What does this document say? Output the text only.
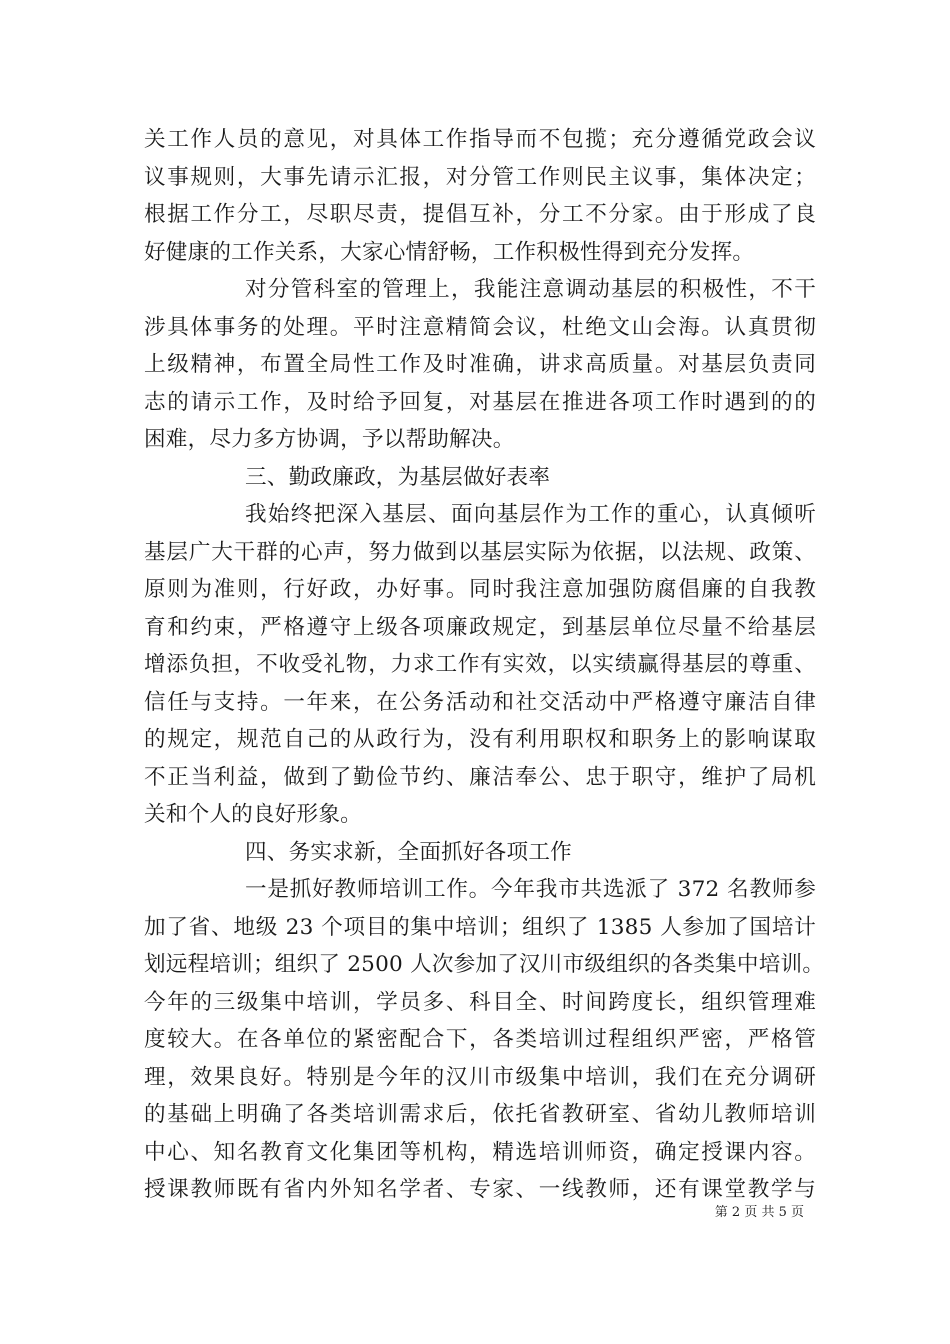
关工作人员的意见，对具体工作指导而不包揽；充分遵循党政会议
议事规则，大事先请示汇报，对分管工作则民主议事，集体决定；
根据工作分工，尽职尽责，提倡互补，分工不分家。由于形成了良
好健康的工作关系，大家心情舒畅，工作积极性得到充分发挥。
对分管科室的管理上，我能注意调动基层的积极性，不干
涉具体事务的处理。平时注意精简会议，杜绝文山会海。认真贯彻
上级精神，布置全局性工作及时准确，讲求高质量。对基层负责同
志的请示工作，及时给予回复，对基层在推进各项工作时遇到的的
困难，尽力多方协调，予以帮助解决。
三、勤政廉政，为基层做好表率
我始终把深入基层、面向基层作为工作的重心，认真倾听
基层广大干群的心声，努力做到以基层实际为依据，以法规、政策、
原则为准则，行好政，办好事。同时我注意加强防腐倡廉的自我教
育和约束，严格遵守上级各项廉政规定，到基层单位尽量不给基层
增添负担，不收受礼物，力求工作有实效，以实绩赢得基层的尊重、
信任与支持。一年来，在公务活动和社交活动中严格遵守廉洁自律
的规定，规范自己的从政行为，没有利用职权和职务上的影响谋取
不正当利益，做到了勤俭节约、廉洁奉公、忠于职守，维护了局机
关和个人的良好形象。
四、务实求新，全面抓好各项工作
一是抓好教师培训工作。今年我市共选派了 372 名教师参
加了省、地级 23 个项目的集中培训；组织了 1385 人参加了国培计
划远程培训；组织了 2500 人次参加了汉川市级组织的各类集中培训。
今年的三级集中培训，学员多、科目全、时间跨度长，组织管理难
度较大。在各单位的紧密配合下，各类培训过程组织严密，严格管
理，效果良好。特别是今年的汉川市级集中培训，我们在充分调研
的基础上明确了各类培训需求后，依托省教研室、省幼儿教师培训
中心、知名教育文化集团等机构，精选培训师资，确定授课内容。
授课教师既有省内外知名学者、专家、一线教师，还有课堂教学与
第 2 页 共 5 页
